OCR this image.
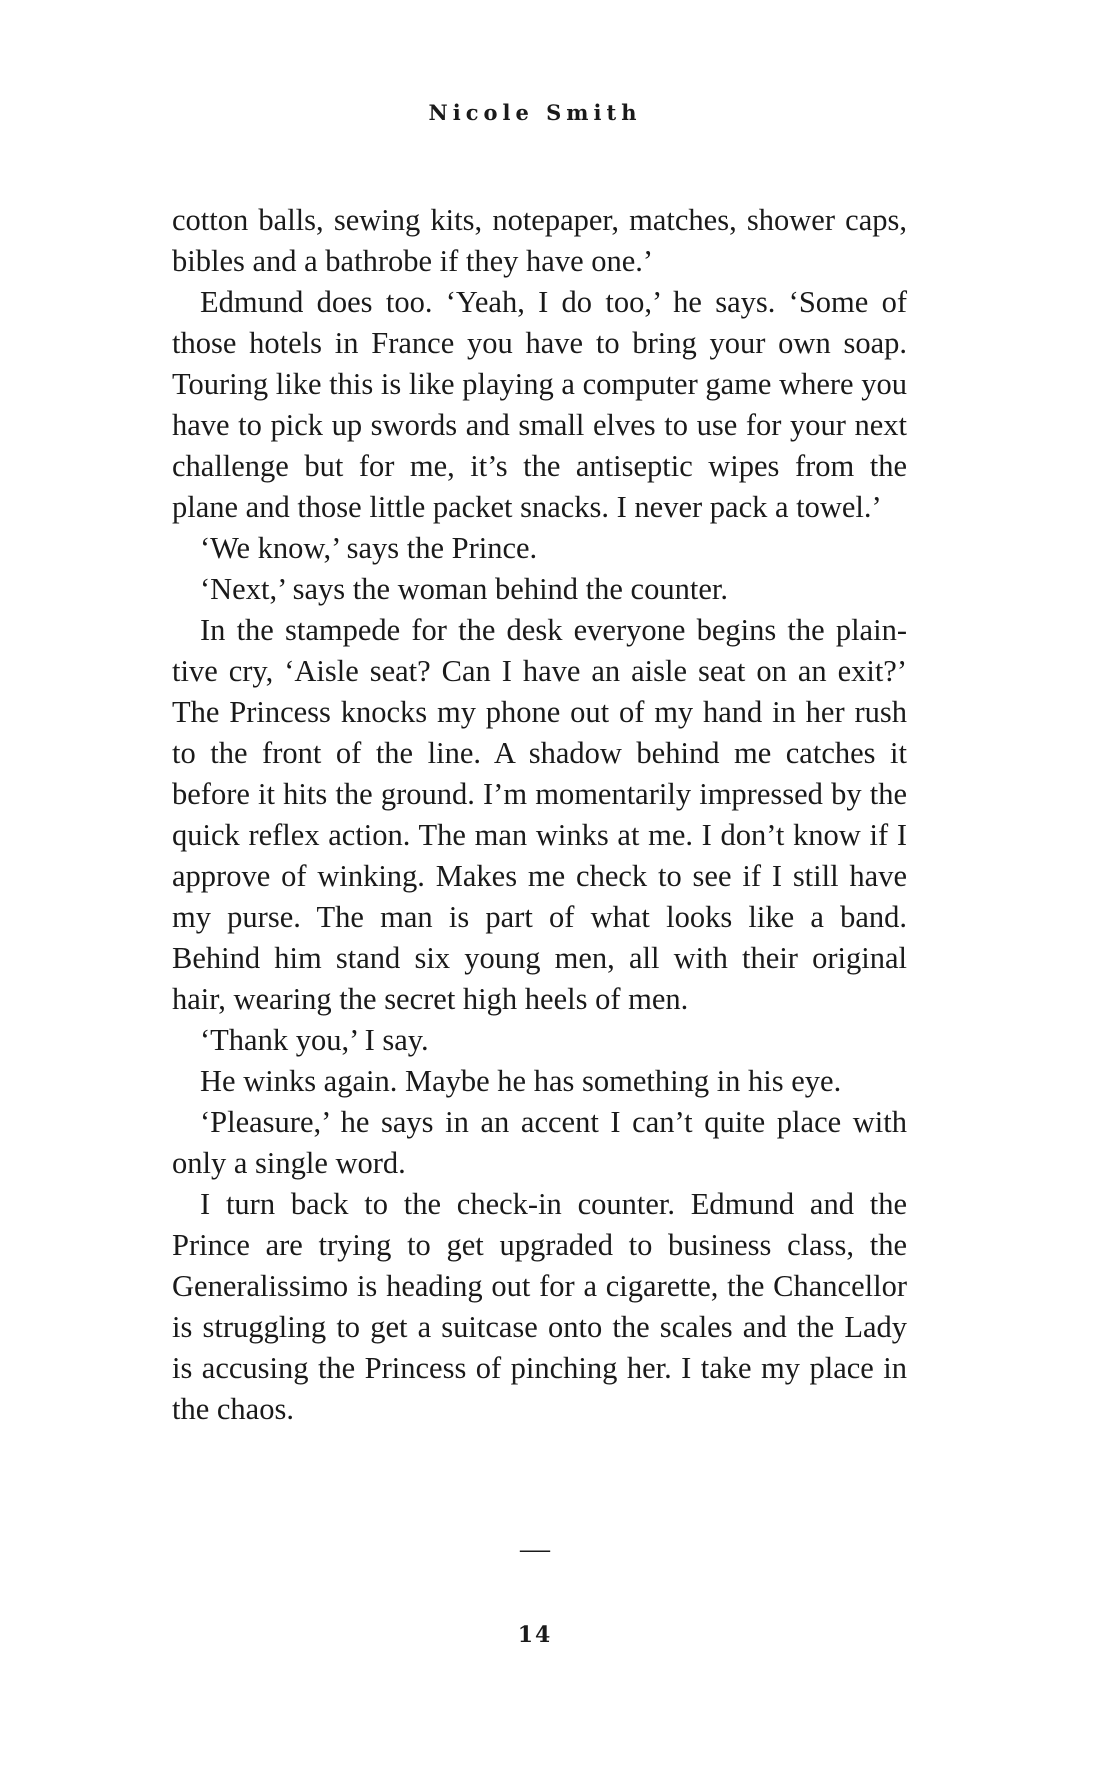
Nicole Smith

cotton balls, sewing kits, notepaper, matches, shower caps, bibles and a bathrobe if they have one.’

Edmund does too. ‘Yeah, I do too,’ he says. ‘Some of those hotels in France you have to bring your own soap. Touring like this is like playing a computer game where you have to pick up swords and small elves to use for your next challenge but for me, it’s the antiseptic wipes from the plane and those little packet snacks. I never pack a towel.’

‘We know,’ says the Prince.

‘Next,’ says the woman behind the counter.

In the stampede for the desk everyone begins the plaintive cry, ‘Aisle seat? Can I have an aisle seat on an exit?’ The Princess knocks my phone out of my hand in her rush to the front of the line. A shadow behind me catches it before it hits the ground. I’m momentarily impressed by the quick reflex action. The man winks at me. I don’t know if I approve of winking. Makes me check to see if I still have my purse. The man is part of what looks like a band. Behind him stand six young men, all with their original hair, wearing the secret high heels of men.

‘Thank you,’ I say.

He winks again. Maybe he has something in his eye.

‘Pleasure,’ he says in an accent I can’t quite place with only a single word.

I turn back to the check-in counter. Edmund and the Prince are trying to get upgraded to business class, the Generalissimo is heading out for a cigarette, the Chancellor is struggling to get a suitcase onto the scales and the Lady is accusing the Princess of pinching her. I take my place in the chaos.

—
14
